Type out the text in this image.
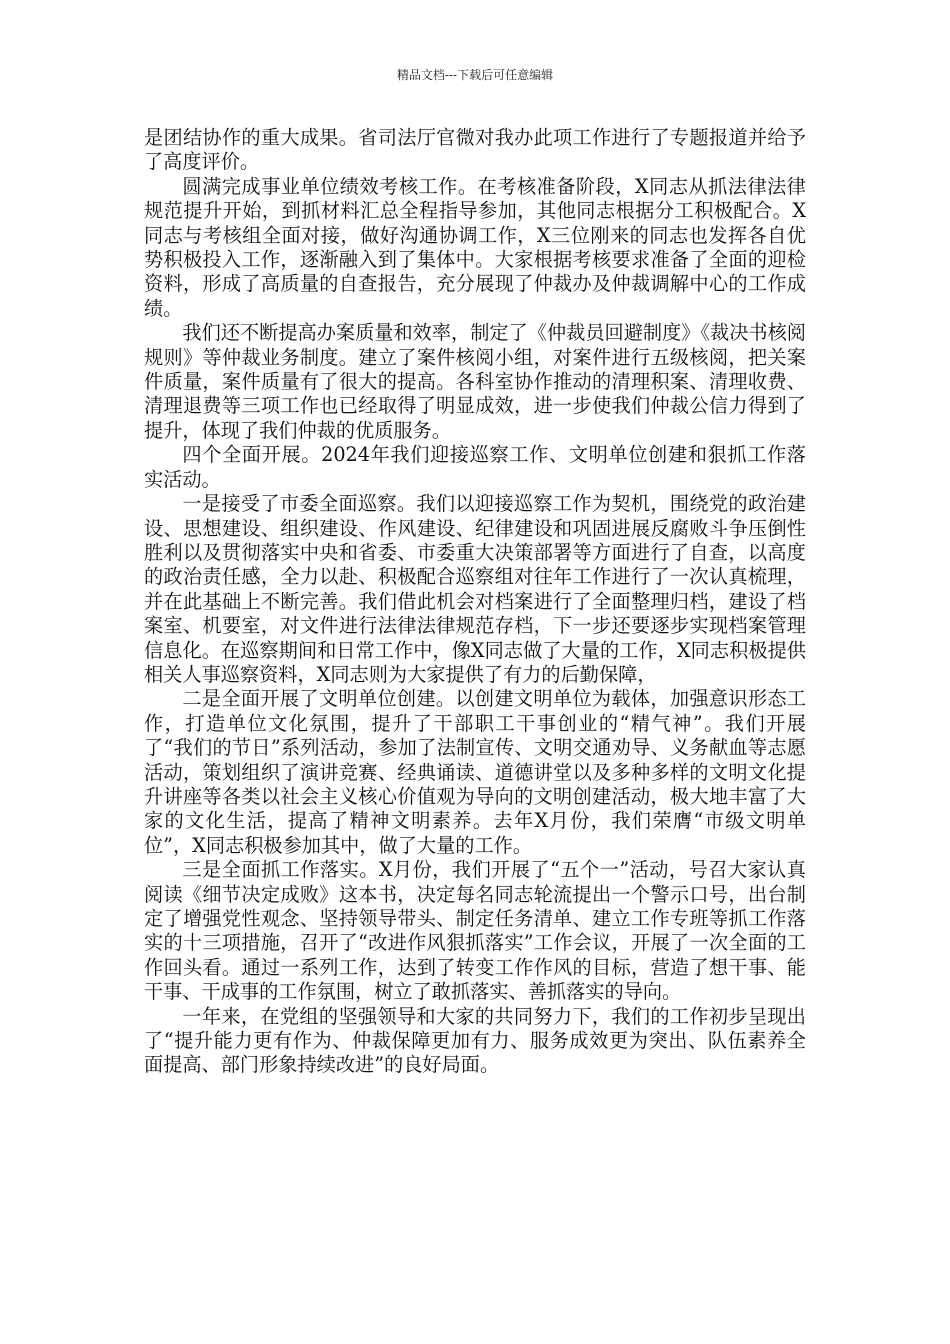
精品文档---下载后可任意编辑

是团结协作的重大成果。省司法厅官微对我办此项工作进行了专题报道并给予了高度评价。

圆满完成事业单位绩效考核工作。在考核准备阶段，X同志从抓法律法律规范提升开始，到抓材料汇总全程指导参加，其他同志根据分工积极配合。X同志与考核组全面对接，做好沟通协调工作，X三位刚来的同志也发挥各自优势积极投入工作，逐渐融入到了集体中。大家根据考核要求准备了全面的迎检资料，形成了高质量的自查报告，充分展现了仲裁办及仲裁调解中心的工作成绩。

我们还不断提高办案质量和效率，制定了《仲裁员回避制度》《裁决书核阅规则》等仲裁业务制度。建立了案件核阅小组，对案件进行五级核阅，把关案件质量，案件质量有了很大的提高。各科室协作推动的清理积案、清理收费、清理退费等三项工作也已经取得了明显成效，进一步使我们仲裁公信力得到了提升，体现了我们仲裁的优质服务。

四个全面开展。2024年我们迎接巡察工作、文明单位创建和狠抓工作落实活动。

一是接受了市委全面巡察。我们以迎接巡察工作为契机，围绕党的政治建设、思想建设、组织建设、作风建设、纪律建设和巩固进展反腐败斗争压倒性胜利以及贯彻落实中央和省委、市委重大决策部署等方面进行了自查，以高度的政治责任感，全力以赴、积极配合巡察组对往年工作进行了一次认真梳理，并在此基础上不断完善。我们借此机会对档案进行了全面整理归档，建设了档案室、机要室，对文件进行法律法律规范存档，下一步还要逐步实现档案管理信息化。在巡察期间和日常工作中，像X同志做了大量的工作，X同志积极提供相关人事巡察资料，X同志则为大家提供了有力的后勤保障，

二是全面开展了文明单位创建。以创建文明单位为载体，加强意识形态工作，打造单位文化氛围，提升了干部职工干事创业的“精气神”。我们开展了“我们的节日”系列活动，参加了法制宣传、文明交通劝导、义务献血等志愿活动，策划组织了演讲竞赛、经典诵读、道德讲堂以及多种多样的文明文化提升讲座等各类以社会主义核心价值观为导向的文明创建活动，极大地丰富了大家的文化生活，提高了精神文明素养。去年X月份，我们荣膺“市级文明单位”，X同志积极参加其中，做了大量的工作。

三是全面抓工作落实。X月份，我们开展了“五个一”活动，号召大家认真阅读《细节决定成败》这本书，决定每名同志轮流提出一个警示口号，出台制定了增强党性观念、坚持领导带头、制定任务清单、建立工作专班等抓工作落实的十三项措施，召开了“改进作风狠抓落实”工作会议，开展了一次全面的工作回头看。通过一系列工作，达到了转变工作作风的目标，营造了想干事、能干事、干成事的工作氛围，树立了敢抓落实、善抓落实的导向。

一年来，在党组的坚强领导和大家的共同努力下，我们的工作初步呈现出了“提升能力更有作为、仲裁保障更加有力、服务成效更为突出、队伍素养全面提高、部门形象持续改进”的良好局面。
